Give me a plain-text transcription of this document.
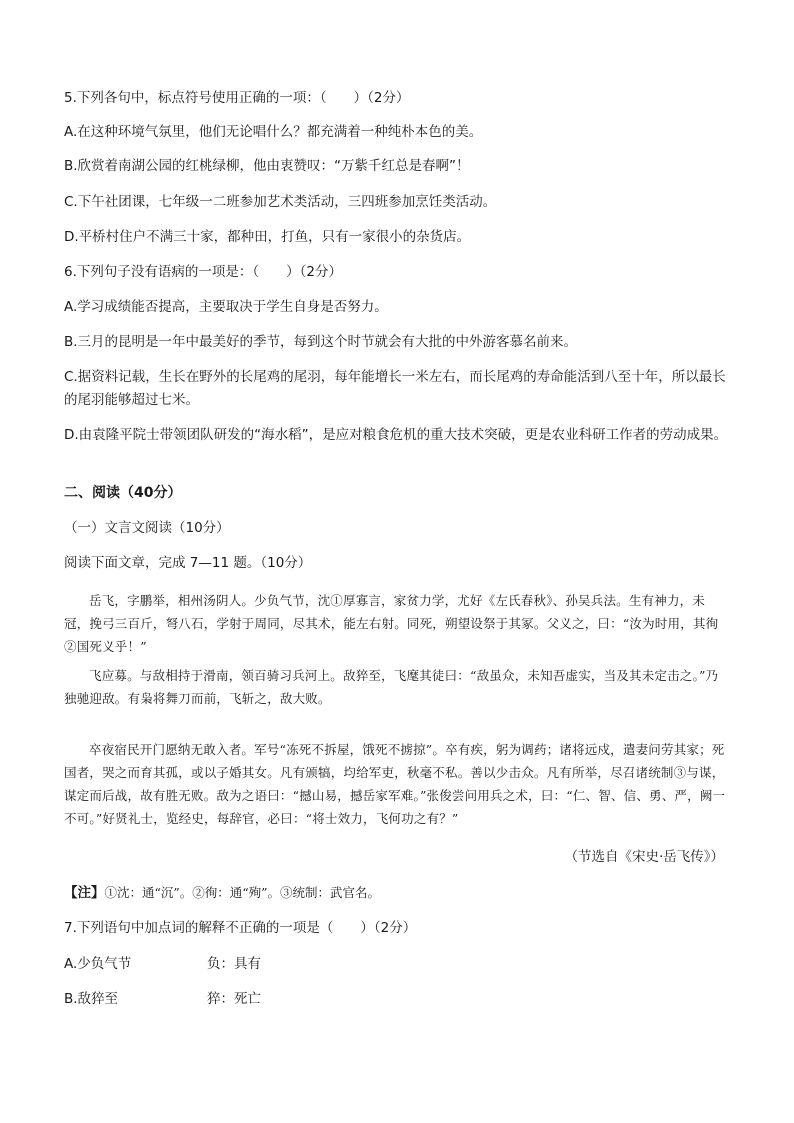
5.下列各句中，标点符号使用正确的一项：（　　）（2分）
A.在这种环境气氛里，他们无论唱什么？都充满着一种纯朴本色的美。
B.欣赏着南湖公园的红桃绿柳，他由衷赞叹：“万紫千红总是春啊”！
C.下午社团课，七年级一二班参加艺术类活动，三四班参加烹饪类活动。
D.平桥村住户不满三十家，都种田，打鱼，只有一家很小的杂货店。
6.下列句子没有语病的一项是：（　　）（2分）
A.学习成绩能否提高，主要取决于学生自身是否努力。
B.三月的昆明是一年中最美好的季节，每到这个时节就会有大批的中外游客慕名前来。
C.据资料记载，生长在野外的长尾鸡的尾羽，每年能增长一米左右，而长尾鸡的寿命能活到八至十年，所以最长的尾羽能够超过七米。
D.由袁隆平院士带领团队研发的“海水稻”，是应对粮食危机的重大技术突破，更是农业科研工作者的劳动成果。
二、阅读（40分）
（一）文言文阅读（10分）
阅读下面文章，完成 7—11 题。（10分）
岳飞，字鹏举，相州汤阴人。少负气节，沈①厚寡言，家贫力学，尤好《左氏春秋》、孙吴兵法。生有神力，未冠，挽弓三百斤，弩八石，学射于周同，尽其术，能左右射。同死，朔望设祭于其冢。父义之，曰：“汝为时用，其徇②国死义乎！”
飞应募。与敌相持于滑南，领百骑习兵河上。敌猝至，飞麾其徒曰：“敌虽众，未知吾虚实，当及其未定击之。”乃独驰迎敌。有枭将舞刀而前，飞斩之，敌大败。
卒夜宿民开门愿纳无敢入者。军号“冻死不拆屋，饿死不掳掠”。卒有疾，躬为调药；诸将远戍，遣妻问劳其家；死国者，哭之而育其孤，或以子婚其女。凡有颁犒，均给军吏，秋毫不私。善以少击众。凡有所举，尽召诸统制③与谋，谋定而后战，故有胜无败。敌为之语曰：“撼山易，撼岳家军难。”张俊尝问用兵之术，曰：“仁、智、信、勇、严，阙一不可。”好贤礼士，览经史，每辞官，必曰：“将士效力，飞何功之有？”
（节选自《宋史·岳飞传》）
【注】①沈：通“沉”。②徇：通“殉”。③统制：武官名。
7.下列语句中加点词的解释不正确的一项是（　　）（2分）
A.少负气节	负：具有
B.敌猝至	猝：死亡
